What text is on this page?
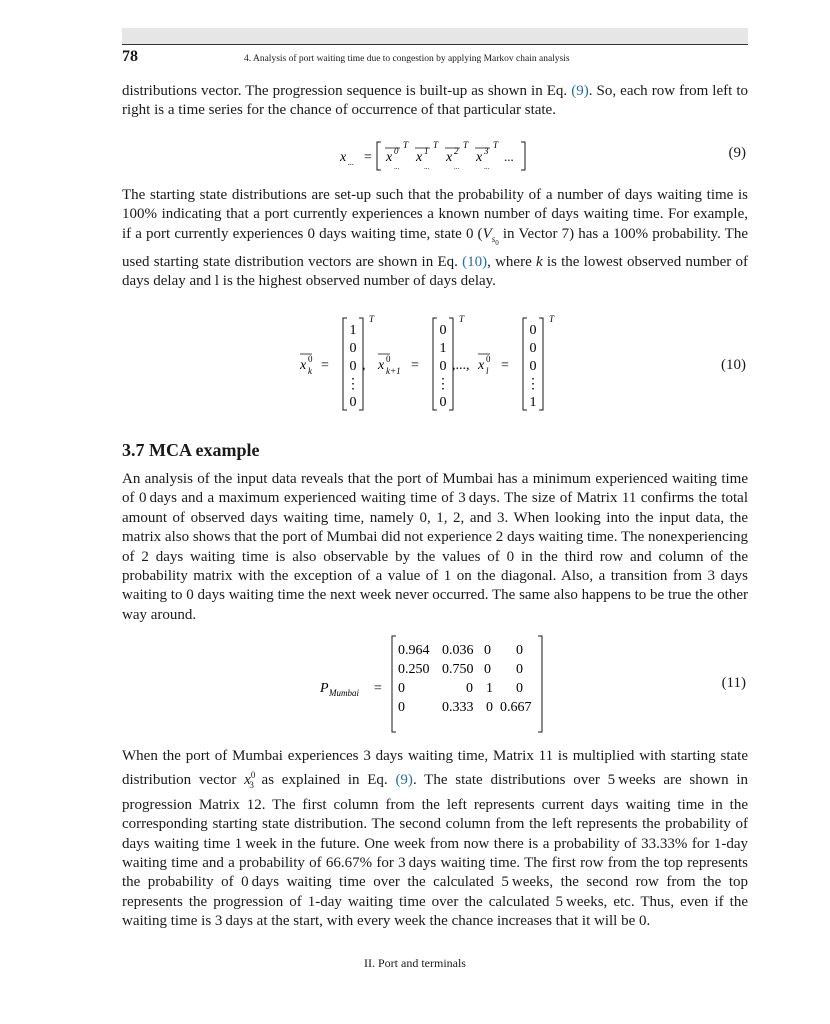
78	4. Analysis of port waiting time due to congestion by applying Markov chain analysis

distributions vector. The progression sequence is built-up as shown in Eq. (9). So, each row from left to right is a time series for the chance of occurrence of that particular state.

x ... = x 0
...
T
x 1
...
T
x 2
...
T
x 3
...
T
...	(9)

The starting state distributions are set-up such that the probability of a number of days waiting time is 100% indicating that a port currently experiences a known number of days waiting time. For example, if a port currently experiences 0 days waiting time, state 0 ($V_{s_0}$ in Vector 7) has a 100% probability. The used starting state distribution vectors are shown in Eq. (10), where k is the lowest observed number of days delay and l is the highest observed number of days delay.

x 0
k =
1
0
0
⋮
0
T
x 0
k+1 =
0
1
0
⋮
0
T
x 0
l =
0
0
0
⋮
1
T
,	,...,	(10)
3.7 MCA example

An analysis of the input data reveals that the port of Mumbai has a minimum experienced waiting time of 0 days and a maximum experienced waiting time of 3 days. The size of Matrix 11 confirms the total amount of observed days waiting time, namely 0, 1, 2, and 3. When looking into the input data, the matrix also shows that the port of Mumbai did not experience 2 days waiting time. The nonexperiencing of 2 days waiting time is also observable by the values of 0 in the third row and column of the probability matrix with the exception of a value of 1 on the diagonal. Also, a transition from 3 days waiting to 0 days waiting time the next week never occurred. The same also happens to be true the other way around.

P Mumbai =
0.964 0.036 0 0
0.250 0.750 0 0
0	0 1 0
0	0.333 0 0.667
(11)

When the port of Mumbai experiences 3 days waiting time, Matrix 11 is multiplied with starting state distribution vector $x^0_3$ as explained in Eq. (9). The state distributions over 5 weeks are shown in progression Matrix 12. The first column from the left represents current days waiting time in the corresponding starting state distribution. The second column from the left represents the probability of days waiting time 1 week in the future. One week from now there is a probability of 33.33% for 1-day waiting time and a probability of 66.67% for 3 days waiting time. The first row from the top represents the probability of 0 days waiting time over the calculated 5 weeks, the second row from the top represents the progression of 1-day waiting time over the calculated 5 weeks, etc. Thus, even if the waiting time is 3 days at the start, with every week the chance increases that it will be 0.

II. Port and terminals
